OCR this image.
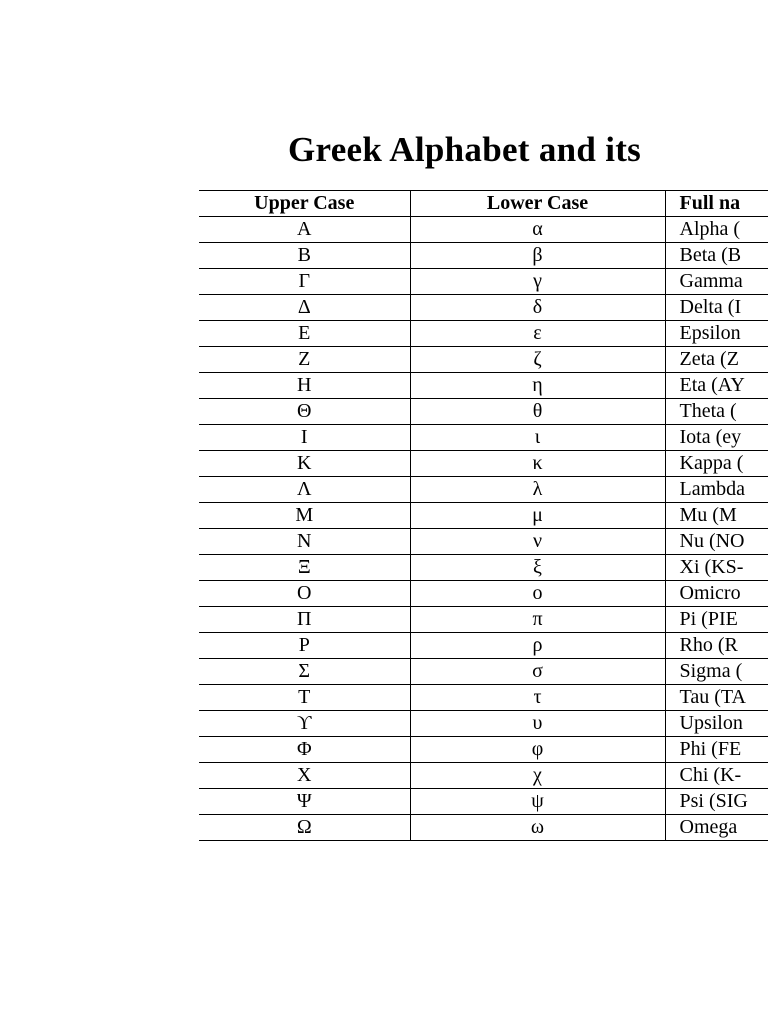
Greek Alphabet and its
Upper Case	Lower Case	Full na
Α	α	Alpha (
Β	β	Beta (B
Γ	γ	Gamma
Δ	δ	Delta (I
Ε	ε	Epsilon
Ζ	ζ	Zeta (Z
Η	η	Eta (AY
Θ	θ	Theta (
Ι	ι	Iota (ey
Κ	κ	Kappa (
Λ	λ	Lambda
Μ	μ	Mu (M
Ν	ν	Nu (NO
Ξ	ξ	Xi (KS-
Ο	ο	Omicro
Π	π	Pi (PIE
Ρ	ρ	Rho (R
Σ	σ	Sigma (
Τ	τ	Tau (TA
ϒ	υ	Upsilon
Φ	φ	Phi (FE
Χ	χ	Chi (K-
Ψ	ψ	Psi (SIG
Ω	ω	Omega
